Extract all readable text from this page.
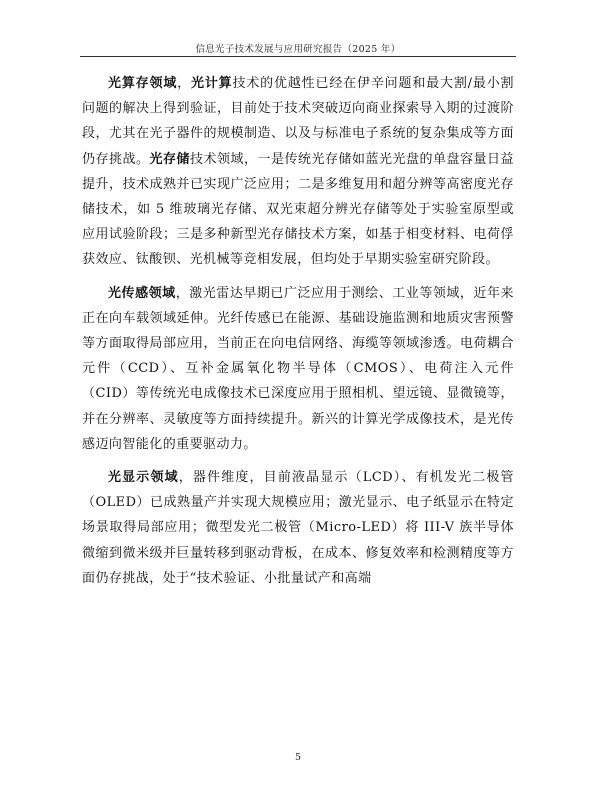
信息光子技术发展与应用研究报告（2025 年）

光算存领域，光计算技术的优越性已经在伊辛问题和最大割/最小割问题的解决上得到验证，目前处于技术突破迈向商业探索导入期的过渡阶段，尤其在光子器件的规模制造、以及与标准电子系统的复杂集成等方面仍存挑战。光存储技术领域，一是传统光存储如蓝光光盘的单盘容量日益提升，技术成熟并已实现广泛应用；二是多维复用和超分辨等高密度光存储技术，如 5 维玻璃光存储、双光束超分辨光存储等处于实验室原型或应用试验阶段；三是多种新型光存储技术方案，如基于相变材料、电荷俘获效应、钛酸钡、光机械等竞相发展，但均处于早期实验室研究阶段。

光传感领域，激光雷达早期已广泛应用于测绘、工业等领域，近年来正在向车载领域延伸。光纤传感已在能源、基础设施监测和地质灾害预警等方面取得局部应用，当前正在向电信网络、海缆等领域渗透。电荷耦合元件（CCD）、互补金属氧化物半导体（CMOS）、电荷注入元件（CID）等传统光电成像技术已深度应用于照相机、望远镜、显微镜等，并在分辨率、灵敏度等方面持续提升。新兴的计算光学成像技术，是光传感迈向智能化的重要驱动力。

光显示领域，器件维度，目前液晶显示（LCD）、有机发光二极管（OLED）已成熟量产并实现大规模应用；激光显示、电子纸显示在特定场景取得局部应用；微型发光二极管（Micro-LED）将 III-V 族半导体微缩到微米级并巨量转移到驱动背板，在成本、修复效率和检测精度等方面仍存挑战，处于“技术验证、小批量试产和高端

5
